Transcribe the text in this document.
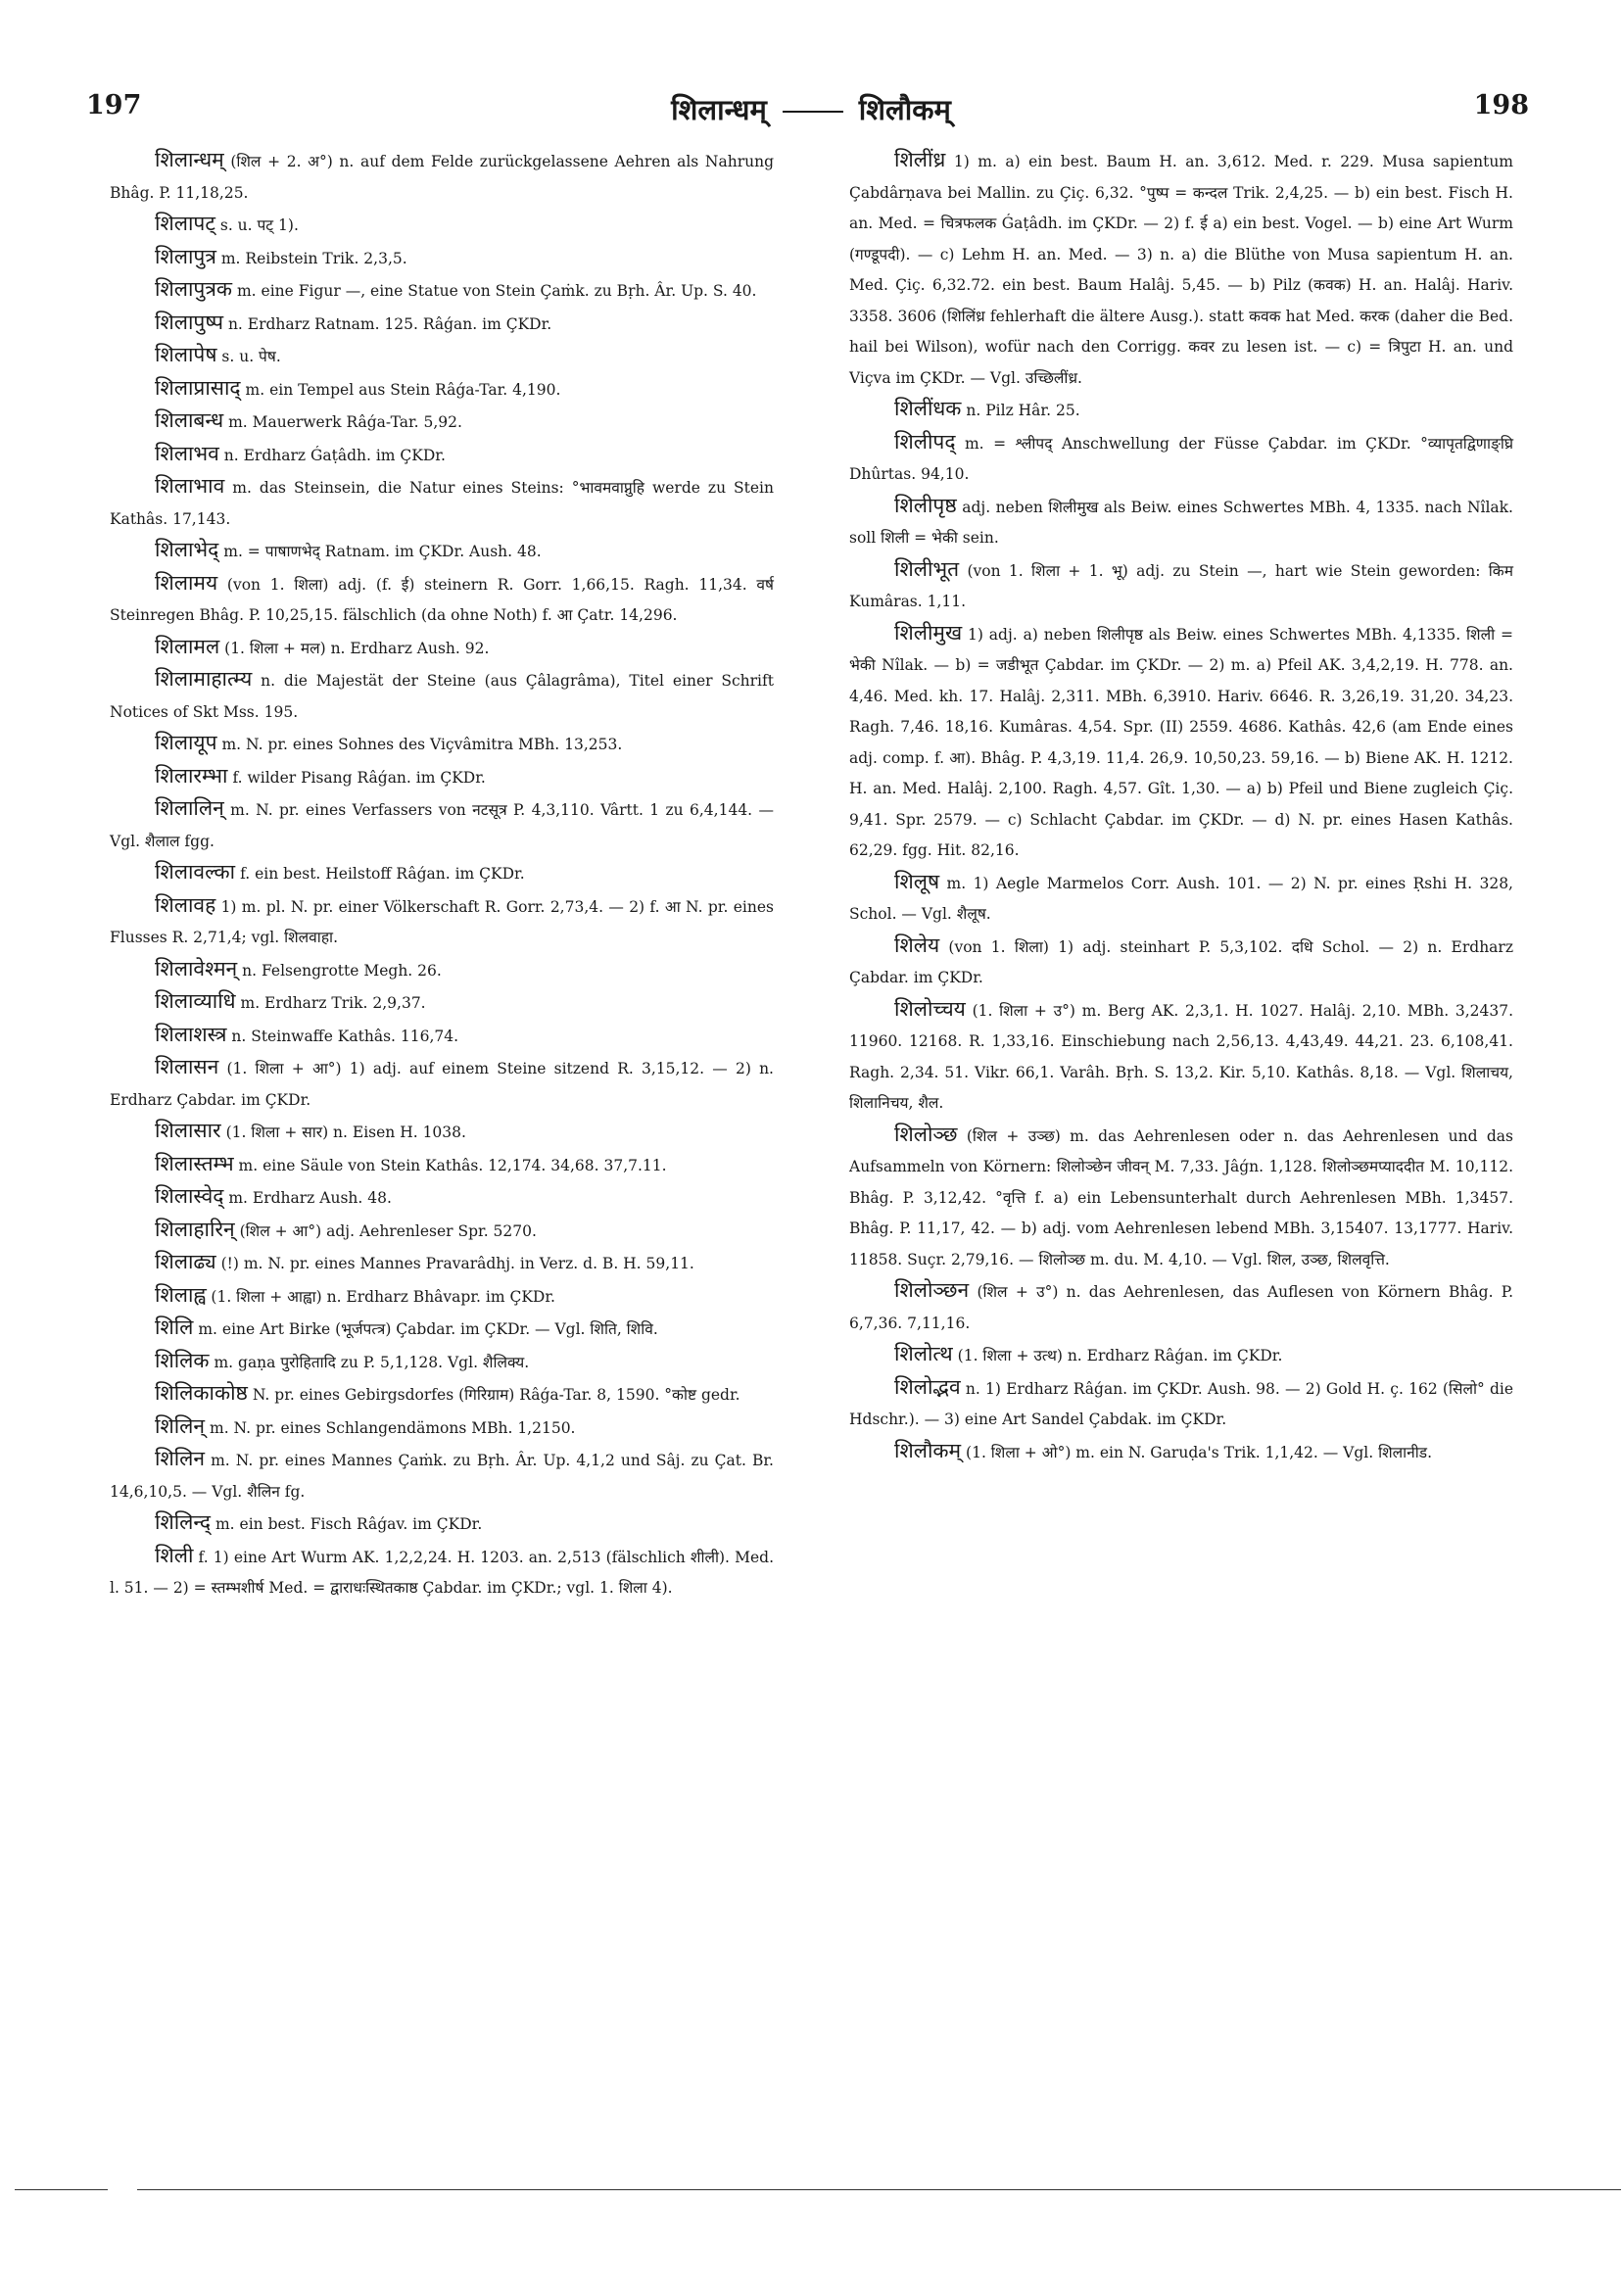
197	शिलान्धम्	शिलौकम्	198

शिलान्धम् (शिल + 2. अ°) n. auf dem Felde zurückgelassene Aehren als Nahrung Bhâg. P. 11,18,25.

शिलापट् s. u. पट् 1).

शिलापुत्र m. Reibstein Trik. 2,3,5.

शिलापुत्रक m. eine Figur —, eine Statue von Stein Çaṁk. zu Bṛh. Âr. Up. S. 40.

शिलापुष्प n. Erdharz Ratnam. 125. Râǵan. im ÇKDr.

शिलापेष s. u. पेष.

शिलाप्रासाद् m. ein Tempel aus Stein Râǵa-Tar. 4,190.

शिलाबन्ध m. Mauerwerk Râǵa-Tar. 5,92.

शिलाभव n. Erdharz Ǵaṭâdh. im ÇKDr.

शिलाभाव m. das Steinsein, die Natur eines Steins: °भावमवाप्नुहि werde zu Stein Kathâs. 17,143.

शिलाभेद् m. = पाषाणभेद् Ratnam. im ÇKDr. Aush. 48.

शिलामय (von 1. शिला) adj. (f. ई) steinern R. Gorr. 1,66,15. Ragh. 11,34. वर्ष Steinregen Bhâg. P. 10,25,15. fälschlich (da ohne Noth) f. आ Çatr. 14,296.

शिलामल (1. शिला + मल) n. Erdharz Aush. 92.

शिलामाहात्म्य n. die Majestät der Steine (aus Çâlagrâma), Titel einer Schrift Notices of Skt Mss. 195.

शिलायूप m. N. pr. eines Sohnes des Viçvâmitra MBh. 13,253.

शिलारम्भा f. wilder Pisang Râǵan. im ÇKDr.

शिलालिन् m. N. pr. eines Verfassers von नटसूत्र P. 4,3,110. Vârtt. 1 zu 6,4,144. — Vgl. शैलाल fgg.

शिलावल्का f. ein best. Heilstoff Râǵan. im ÇKDr.

शिलावह 1) m. pl. N. pr. einer Völkerschaft R. Gorr. 2,73,4. — 2) f. आ N. pr. eines Flusses R. 2,71,4; vgl. शिलवाहा.

शिलावेश्मन् n. Felsengrotte Megh. 26.

शिलाव्याधि m. Erdharz Trik. 2,9,37.

शिलाशस्त्र n. Steinwaffe Kathâs. 116,74.

शिलासन (1. शिला + आ°) 1) adj. auf einem Steine sitzend R. 3,15,12. — 2) n. Erdharz Çabdar. im ÇKDr.

शिलासार (1. शिला + सार) n. Eisen H. 1038.

शिलास्तम्भ m. eine Säule von Stein Kathâs. 12,174. 34,68. 37,7.11.

शिलास्वेद् m. Erdharz Aush. 48.

शिलाहारिन् (शिल + आ°) adj. Aehrenleser Spr. 5270.

शिलाढ्य (!) m. N. pr. eines Mannes Pravarâdhj. in Verz. d. B. H. 59,11.

शिलाह्व (1. शिला + आह्वा) n. Erdharz Bhâvapr. im ÇKDr.

शिलि m. eine Art Birke (भूर्जपत्त्र) Çabdar. im ÇKDr. — Vgl. शिति, शिवि.

शिलिक m. gaṇa पुरोहितादि zu P. 5,1,128. Vgl. शैलिक्य.

शिलिकाकोष्ठ N. pr. eines Gebirgsdorfes (गिरिग्राम) Râǵa-Tar. 8, 1590. °कोष्ट gedr.

शिलिन् m. N. pr. eines Schlangendämons MBh. 1,2150.

शिलिन m. N. pr. eines Mannes Çaṁk. zu Bṛh. Âr. Up. 4,1,2 und Sâj. zu Çat. Br. 14,6,10,5. — Vgl. शैलिन fg.

शिलिन्द् m. ein best. Fisch Râǵav. im ÇKDr.

शिली f. 1) eine Art Wurm AK. 1,2,2,24. H. 1203. an. 2,513 (fälschlich शीली). Med. l. 51. — 2) = स्तम्भशीर्ष Med. = द्वाराधःस्थितकाष्ठ Çabdar. im ÇKDr.; vgl. 1. शिला 4).

शिलींध्र 1) m. a) ein best. Baum H. an. 3,612. Med. r. 229. Musa sapientum Çabdârṇava bei Mallin. zu Çiç. 6,32. °पुष्प = कन्दल Trik. 2,4,25. — b) ein best. Fisch H. an. Med. = चित्रफलक Ǵaṭâdh. im ÇKDr. — 2) f. ई a) ein best. Vogel. — b) eine Art Wurm (गण्डूपदी). — c) Lehm H. an. Med. — 3) n. a) die Blüthe von Musa sapientum H. an. Med. Çiç. 6,32.72. ein best. Baum Halâj. 5,45. — b) Pilz (कवक) H. an. Halâj. Hariv. 3358. 3606 (शिलिंध्र fehlerhaft die ältere Ausg.). statt कवक hat Med. करक (daher die Bed. hail bei Wilson), wofür nach den Corrigg. कवर zu lesen ist. — c) = त्रिपुटा H. an. und Viçva im ÇKDr. — Vgl. उच्छिलींध्र.

शिलींधक n. Pilz Hâr. 25.

शिलीपद् m. = श्लीपद् Anschwellung der Füsse Çabdar. im ÇKDr. °व्यापृतद्विणाङ्घ्रि Dhûrtas. 94,10.

शिलीपृष्ठ adj. neben शिलीमुख als Beiw. eines Schwertes MBh. 4, 1335. nach Nîlak. soll शिली = भेकी sein.

शिलीभूत (von 1. शिला + 1. भू) adj. zu Stein —, hart wie Stein geworden: किम Kumâras. 1,11.

शिलीमुख 1) adj. a) neben शिलीपृष्ठ als Beiw. eines Schwertes MBh. 4,1335. शिली = भेकी Nîlak. — b) = जडीभूत Çabdar. im ÇKDr. — 2) m. a) Pfeil AK. 3,4,2,19. H. 778. an. 4,46. Med. kh. 17. Halâj. 2,311. MBh. 6,3910. Hariv. 6646. R. 3,26,19. 31,20. 34,23. Ragh. 7,46. 18,16. Kumâras. 4,54. Spr. (II) 2559. 4686. Kathâs. 42,6 (am Ende eines adj. comp. f. आ). Bhâg. P. 4,3,19. 11,4. 26,9. 10,50,23. 59,16. — b) Biene AK. H. 1212. H. an. Med. Halâj. 2,100. Ragh. 4,57. Gît. 1,30. — a) b) Pfeil und Biene zugleich Çiç. 9,41. Spr. 2579. — c) Schlacht Çabdar. im ÇKDr. — d) N. pr. eines Hasen Kathâs. 62,29. fgg. Hit. 82,16.

शिलूष m. 1) Aegle Marmelos Corr. Aush. 101. — 2) N. pr. eines Ṛshi H. 328, Schol. — Vgl. शैलूष.

शिलेय (von 1. शिला) 1) adj. steinhart P. 5,3,102. दधि Schol. — 2) n. Erdharz Çabdar. im ÇKDr.

शिलोच्चय (1. शिला + उ°) m. Berg AK. 2,3,1. H. 1027. Halâj. 2,10. MBh. 3,2437. 11960. 12168. R. 1,33,16. Einschiebung nach 2,56,13. 4,43,49. 44,21. 23. 6,108,41. Ragh. 2,34. 51. Vikr. 66,1. Varâh. Bṛh. S. 13,2. Kir. 5,10. Kathâs. 8,18. — Vgl. शिलाचय, शिलानिचय, शैल.

शिलोञ्छ (शिल + उञ्छ) m. das Aehrenlesen oder n. das Aehrenlesen und das Aufsammeln von Körnern: शिलोञ्छेन जीवन् M. 7,33. Jâǵn. 1,128. शिलोञ्छमप्याददीत M. 10,112. Bhâg. P. 3,12,42. °वृत्ति f. a) ein Lebensunterhalt durch Aehrenlesen MBh. 1,3457. Bhâg. P. 11,17, 42. — b) adj. vom Aehrenlesen lebend MBh. 3,15407. 13,1777. Hariv. 11858. Suçr. 2,79,16. — शिलोञ्छ m. du. M. 4,10. — Vgl. शिल, उञ्छ, शिलवृत्ति.

शिलोञ्छन (शिल + उ°) n. das Aehrenlesen, das Auflesen von Körnern Bhâg. P. 6,7,36. 7,11,16.

शिलोत्थ (1. शिला + उत्थ) n. Erdharz Râǵan. im ÇKDr.

शिलोद्भव n. 1) Erdharz Râǵan. im ÇKDr. Aush. 98. — 2) Gold H. ç. 162 (सिलो° die Hdschr.). — 3) eine Art Sandel Çabdak. im ÇKDr.

शिलौकम् (1. शिला + ओ°) m. ein N. Garuḍa's Trik. 1,1,42. — Vgl. शिलानीड.
